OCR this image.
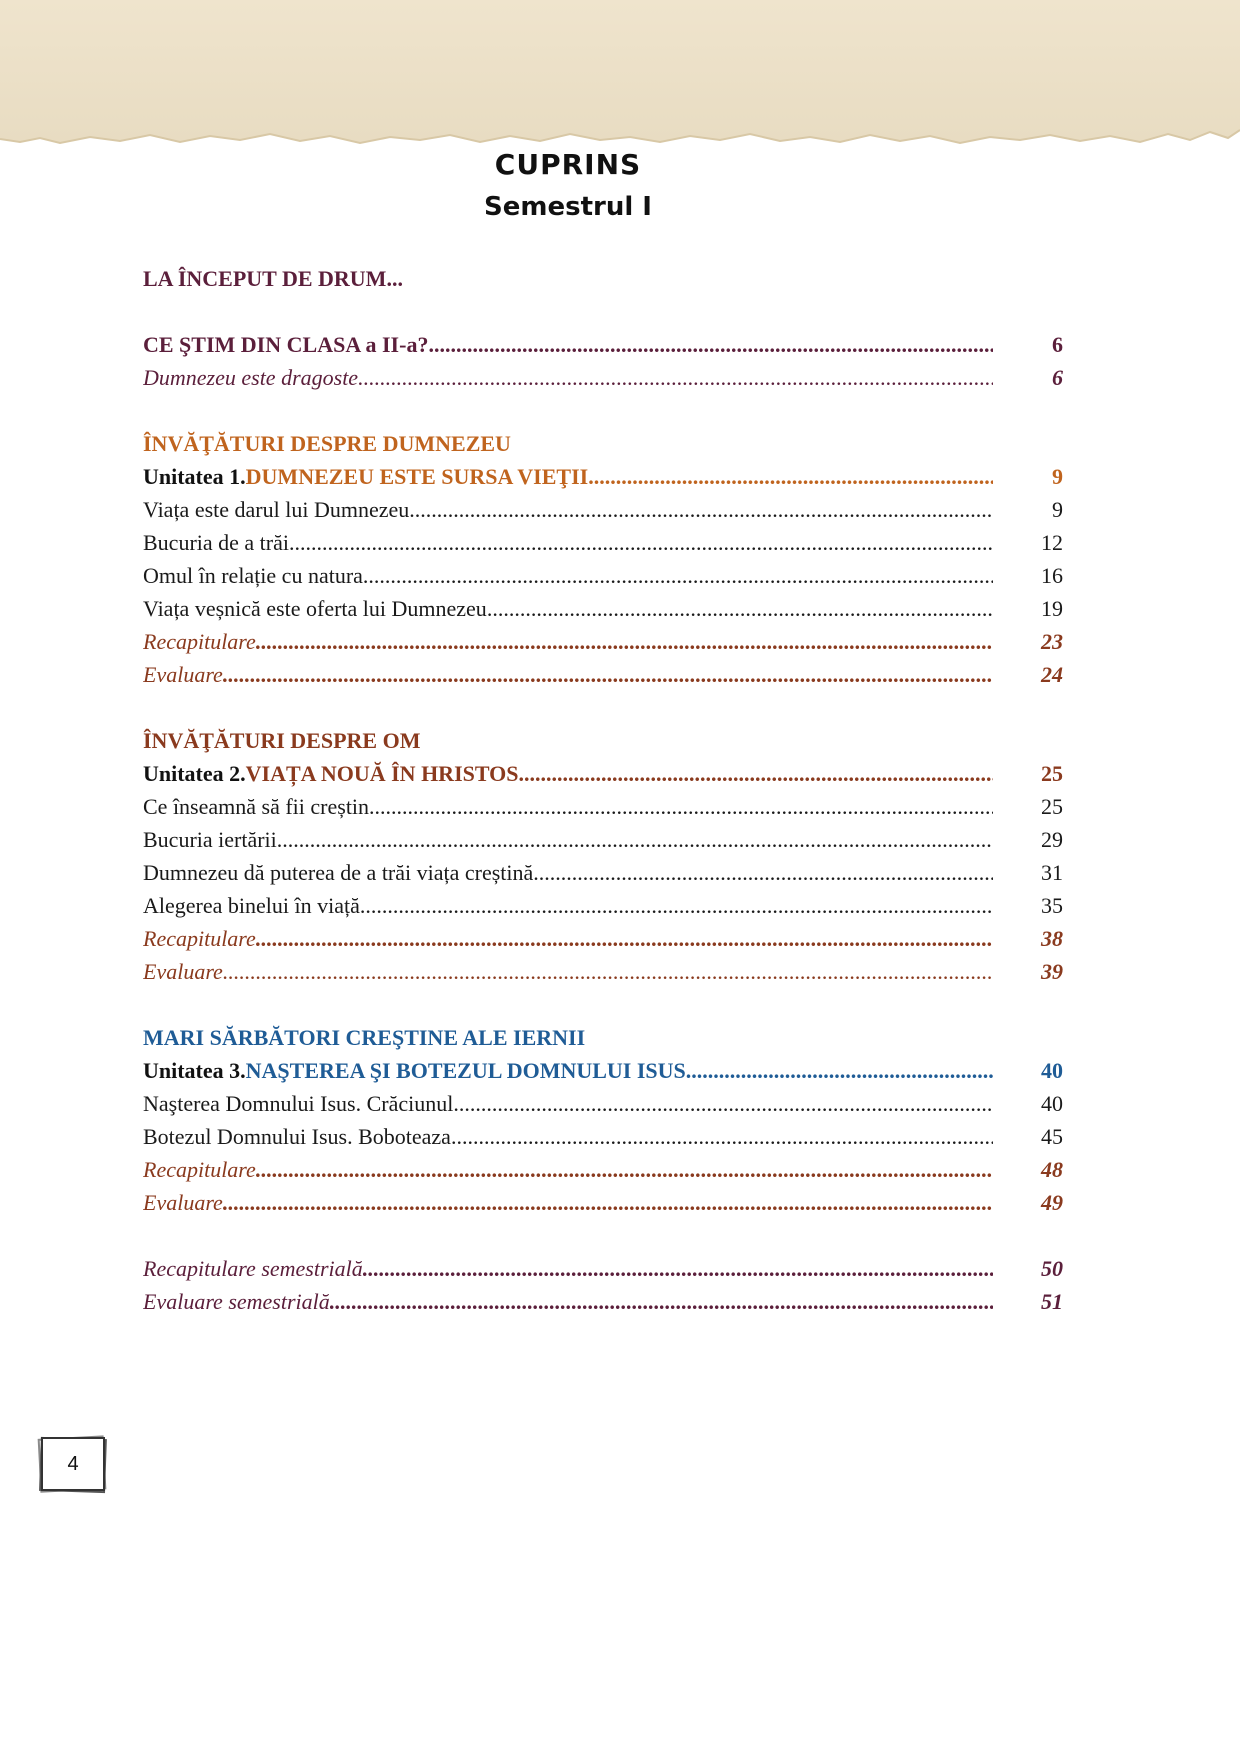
CUPRINS
Semestrul I
LA ÎNCEPUT DE DRUM...
CE ŞTIM DIN CLASA a II-a? .....	6
Dumnezeu este dragoste .....	6
ÎNVĂŢĂTURI DESPRE DUMNEZEU
Unitatea 1. DUMNEZEU ESTE SURSA VIEŢII .....	9
Viața este darul lui Dumnezeu .....	9
Bucuria de a trăi .....	12
Omul în relație cu natura .....	16
Viața veșnică este oferta lui Dumnezeu .....	19
Recapitulare .....	23
Evaluare .....	24
ÎNVĂŢĂTURI DESPRE OM
Unitatea 2. VIAȚA NOUĂ ÎN HRISTOS .....	25
Ce înseamnă să fii creștin .....	25
Bucuria iertării .....	29
Dumnezeu dă puterea de a trăi viața creștină .....	31
Alegerea binelui în viață .....	35
Recapitulare .....	38
Evaluare .....	39
MARI SĂRBĂTORI CREŞTINE ALE IERNII
Unitatea 3. NAŞTEREA ŞI BOTEZUL DOMNULUI ISUS .....	40
Naşterea Domnului Isus. Crăciunul .....	40
Botezul Domnului Isus. Boboteaza .....	45
Recapitulare .....	48
Evaluare .....	49
Recapitulare semestrială .....	50
Evaluare semestrială .....	51
4
